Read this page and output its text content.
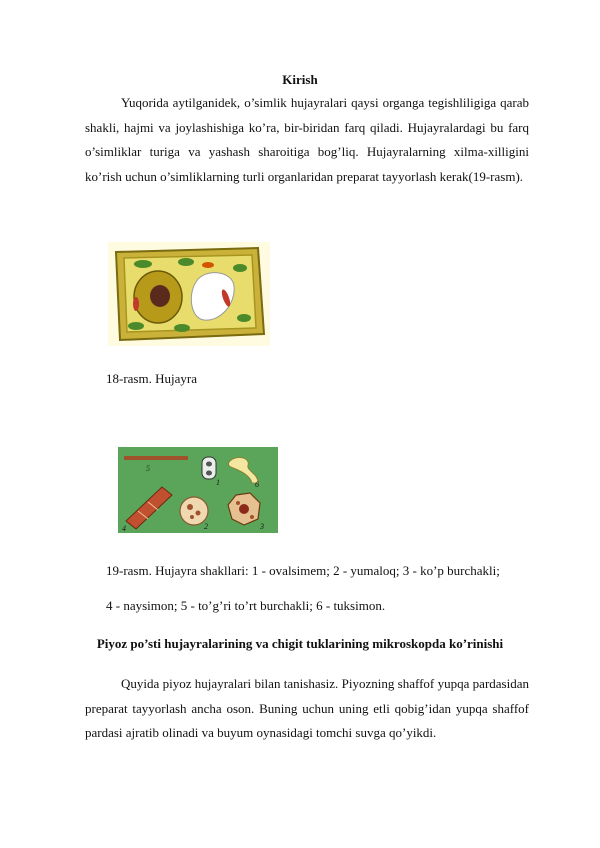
Kirish
Yuqorida aytilganidek, o’simlik hujayralari qaysi organga tegishliligiga qarab shakli, hajmi va joylashishiga ko’ra, bir-biridan farq qiladi. Hujayralardagi bu farq o’simliklar turiga va yashash sharoitiga bog’liq. Hujayralarning xilma-xilligini ko’rish uchun o’simliklarning turli organlaridan preparat tayyorlash kerak(19-rasm).
18-rasm. Hujayra
5
1	6
4	2	3
19-rasm. Hujayra shakllari: 1 - ovalsimem; 2 - yumaloq; 3 - ko’p burchakli;
4 - naysimon; 5 - to’g’ri to’rt burchakli; 6 - tuksimon.
Piyoz po’sti hujayralarining va chigit tuklarining mikroskopda ko’rinishi
Quyida piyoz hujayralari bilan tanishasiz. Piyozning shaffof yupqa pardasidan preparat tayyorlash ancha oson. Buning uchun uning etli qobig’idan yupqa shaffof pardasi ajratib olinadi va buyum oynasidagi tomchi suvga qo’yikdi.
